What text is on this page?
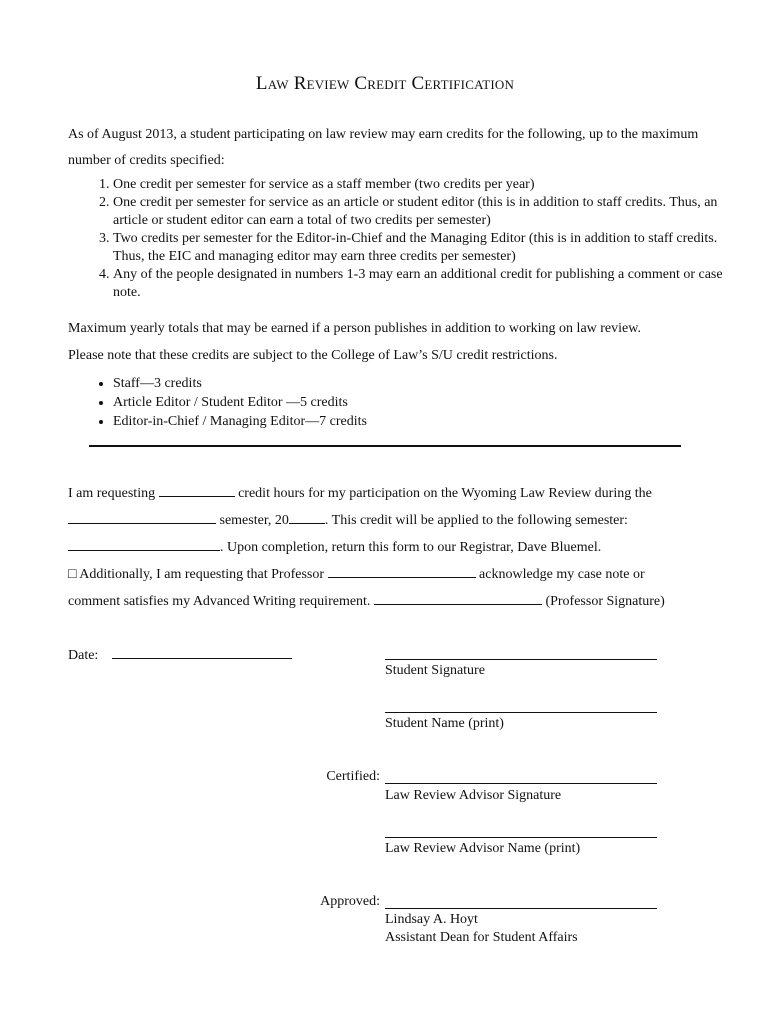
Law Review Credit Certification
As of August 2013, a student participating on law review may earn credits for the following, up to the maximum number of credits specified:
1. One credit per semester for service as a staff member (two credits per year)
2. One credit per semester for service as an article or student editor (this is in addition to staff credits. Thus, an article or student editor can earn a total of two credits per semester)
3. Two credits per semester for the Editor-in-Chief and the Managing Editor (this is in addition to staff credits. Thus, the EIC and managing editor may earn three credits per semester)
4. Any of the people designated in numbers 1-3 may earn an additional credit for publishing a comment or case note.
Maximum yearly totals that may be earned if a person publishes in addition to working on law review.
Please note that these credits are subject to the College of Law’s S/U credit restrictions.
• Staff—3 credits
• Article Editor / Student Editor —5 credits
• Editor-in-Chief / Managing Editor—7 credits
I am requesting	credit hours for my participation on the Wyoming Law Review during the
semester, 20	. This credit will be applied to the following semester:
. Upon completion, return this form to our Registrar, Dave Bluemel.
□ Additionally, I am requesting that Professor	acknowledge my case note or
comment satisfies my Advanced Writing requirement.	(Professor Signature)
Date:
Student Signature
Student Name (print)
Certified:
Law Review Advisor Signature
Law Review Advisor Name (print)
Approved:
Lindsay A. Hoyt
Assistant Dean for Student Affairs
